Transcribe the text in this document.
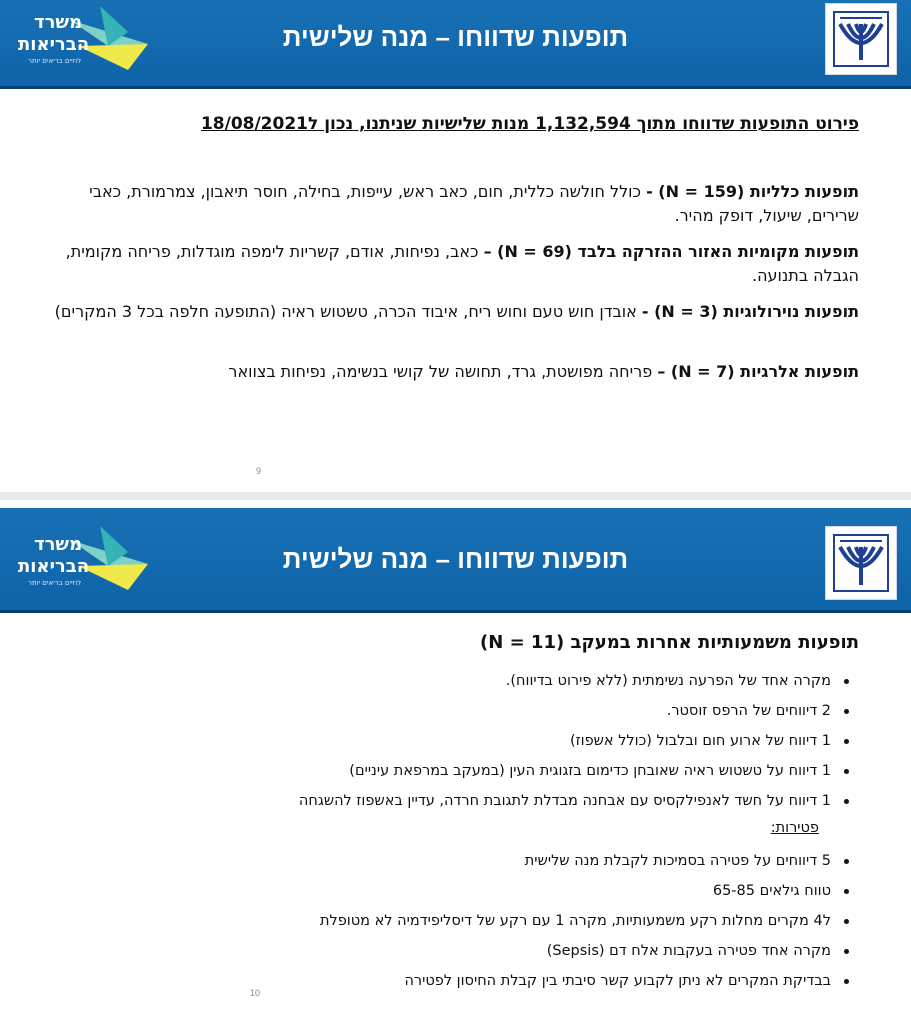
משרד
הבריאות
לחיים בריאים יותר
תופעות שדווחו – מנה שלישית
פירוט התופעות שדווחו מתוך 1,132,594 מנות שלישיות שניתנו, נכון ל18/08/2021
תופעות כלליות (N = 159) - כולל חולשה כללית, חום, כאב ראש, עייפות, בחילה, חוסר תיאבון, צמרמורת, כאבי שרירים, שיעול, דופק מהיר.
תופעות מקומיות האזור ההזרקה בלבד (N = 69) – כאב, נפיחות, אודם, קשריות לימפה מוגדלות, פריחה מקומית, הגבלה בתנועה.
תופעות נוירולוגיות (N = 3) - אובדן חוש טעם וחוש ריח, איבוד הכרה, טשטוש ראיה (התופעה חלפה בכל 3 המקרים)
תופעות אלרגיות (N = 7) – פריחה מפושטת, גרד, תחושה של קושי בנשימה, נפיחות בצוואר
9
משרד
הבריאות
לחיים בריאים יותר
תופעות שדווחו – מנה שלישית
10
תופעות משמעותיות אחרות במעקב (N = 11)
מקרה אחד של הפרעה נשימתית (ללא פירוט בדיווח).
2 דיווחים של הרפס זוסטר.
1 דיווח של ארוע חום ובלבול (כולל אשפוז)
1 דיווח על טשטוש ראיה שאובחן כדימום בזגוגית העין (במעקב במרפאת עיניים)
1 דיווח על חשד לאנפילקסיס עם אבחנה מבדלת לתגובת חרדה, עדיין באשפוז להשגחה
פטירות:
5 דיווחים על פטירה בסמיכות לקבלת מנה שלישית
טווח גילאים 65-85
ל4 מקרים מחלות רקע משמעותיות, מקרה 1 עם רקע של דיסליפידמיה לא מטופלת
מקרה אחד פטירה בעקבות אלח דם (Sepsis)
בבדיקת המקרים לא ניתן לקבוע קשר סיבתי בין קבלת החיסון לפטירה
